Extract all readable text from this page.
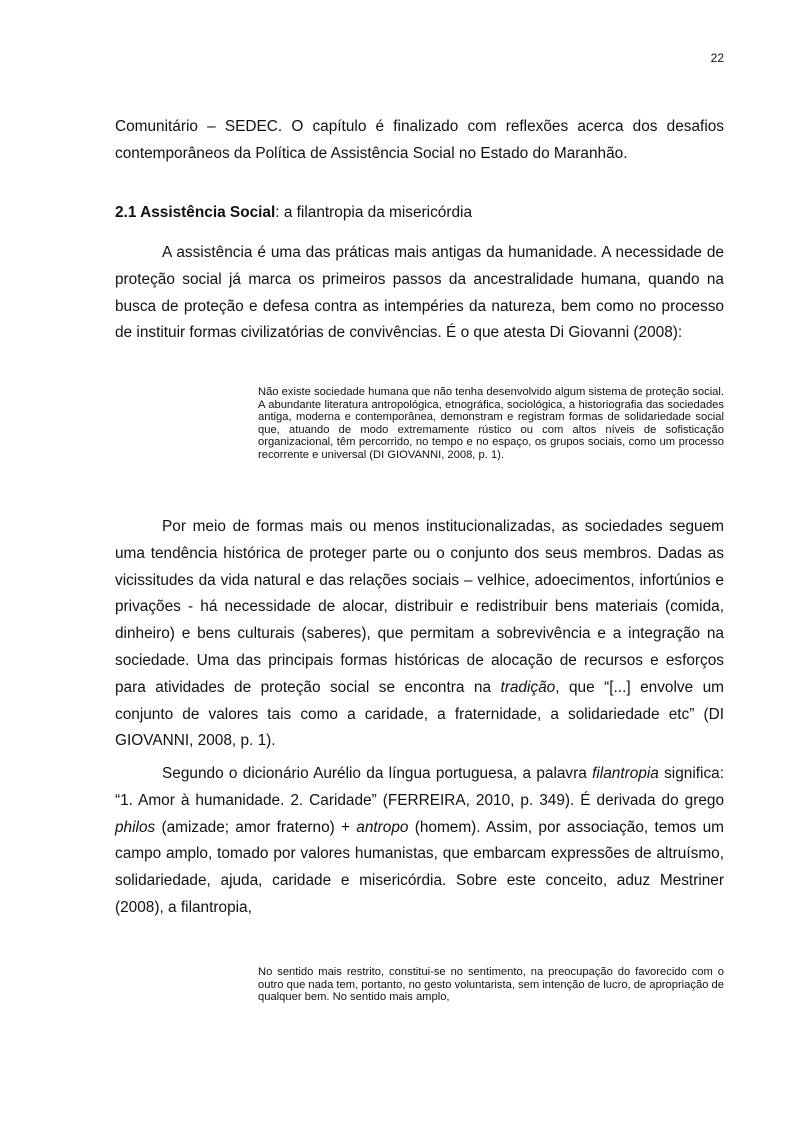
22

Comunitário – SEDEC. O capítulo é finalizado com reflexões acerca dos desafios contemporâneos da Política de Assistência Social no Estado do Maranhão.

2.1 Assistência Social: a filantropia da misericórdia

A assistência é uma das práticas mais antigas da humanidade. A necessidade de proteção social já marca os primeiros passos da ancestralidade humana, quando na busca de proteção e defesa contra as intempéries da natureza, bem como no processo de instituir formas civilizatórias de convivências. É o que atesta Di Giovanni (2008):

Não existe sociedade humana que não tenha desenvolvido algum sistema de proteção social. A abundante literatura antropológica, etnográfica, sociológica, a historiografia das sociedades antiga, moderna e contemporânea, demonstram e registram formas de solidariedade social que, atuando de modo extremamente rústico ou com altos níveis de sofisticação organizacional, têm percorrido, no tempo e no espaço, os grupos sociais, como um processo recorrente e universal (DI GIOVANNI, 2008, p. 1).

Por meio de formas mais ou menos institucionalizadas, as sociedades seguem uma tendência histórica de proteger parte ou o conjunto dos seus membros. Dadas as vicissitudes da vida natural e das relações sociais – velhice, adoecimentos, infortúnios e privações - há necessidade de alocar, distribuir e redistribuir bens materiais (comida, dinheiro) e bens culturais (saberes), que permitam a sobrevivência e a integração na sociedade. Uma das principais formas históricas de alocação de recursos e esforços para atividades de proteção social se encontra na tradição, que “[...] envolve um conjunto de valores tais como a caridade, a fraternidade, a solidariedade etc” (DI GIOVANNI, 2008, p. 1).

Segundo o dicionário Aurélio da língua portuguesa, a palavra filantropia significa: “1. Amor à humanidade. 2. Caridade” (FERREIRA, 2010, p. 349). É derivada do grego philos (amizade; amor fraterno) + antropo (homem). Assim, por associação, temos um campo amplo, tomado por valores humanistas, que embarcam expressões de altruísmo, solidariedade, ajuda, caridade e misericórdia. Sobre este conceito, aduz Mestriner (2008), a filantropia,

No sentido mais restrito, constitui-se no sentimento, na preocupação do favorecido com o outro que nada tem, portanto, no gesto voluntarista, sem intenção de lucro, de apropriação de qualquer bem. No sentido mais amplo,
